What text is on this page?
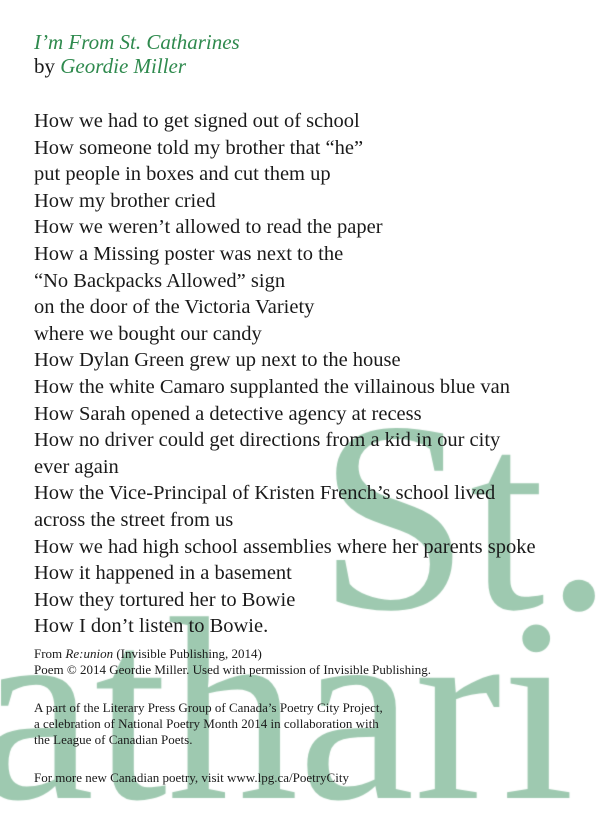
I’m From St. Catharines
by Geordie Miller
How we had to get signed out of school
How someone told my brother that “he”
put people in boxes and cut them up
How my brother cried
How we weren’t allowed to read the paper
How a Missing poster was next to the
“No Backpacks Allowed” sign
on the door of the Victoria Variety
where we bought our candy
How Dylan Green grew up next to the house
How the white Camaro supplanted the villainous blue van
How Sarah opened a detective agency at recess
How no driver could get directions from a kid in our city
ever again
How the Vice-Principal of Kristen French’s school lived
across the street from us
How we had high school assemblies where her parents spoke
How it happened in a basement
How they tortured her to Bowie
How I don’t listen to Bowie.
From Re:union (Invisible Publishing, 2014)
Poem © 2014 Geordie Miller. Used with permission of Invisible Publishing.
A part of the Literary Press Group of Canada’s Poetry City Project,
a celebration of National Poetry Month 2014 in collaboration with
the League of Canadian Poets.
For more new Canadian poetry, visit www.lpg.ca/PoetryCity
